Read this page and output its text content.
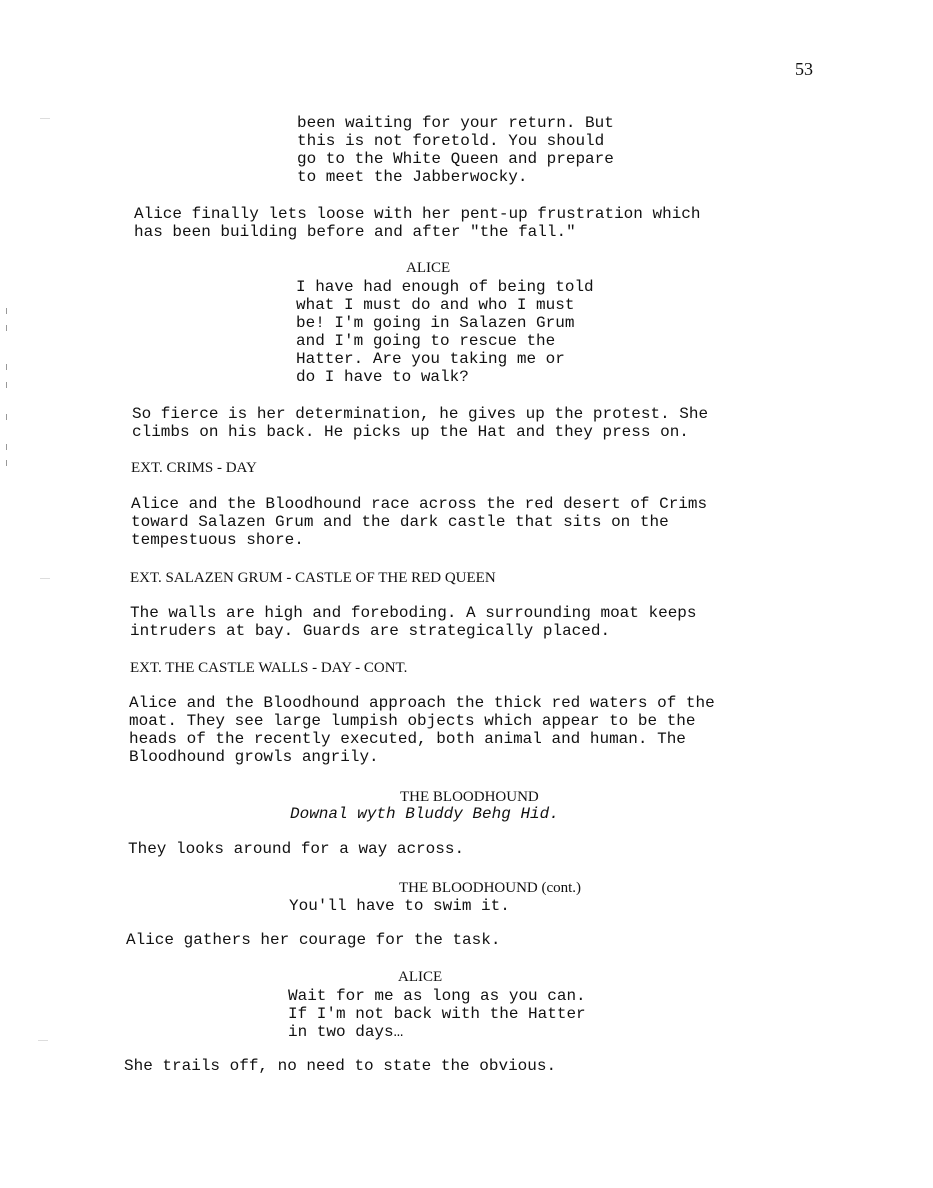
53
been waiting for your return. But
this is not foretold. You should
go to the White Queen and prepare
to meet the Jabberwocky.
Alice finally lets loose with her pent-up frustration which
has been building before and after "the fall."
ALICE
I have had enough of being told
what I must do and who I must
be! I'm going in Salazen Grum
and I'm going to rescue the
Hatter. Are you taking me or
do I have to walk?
So fierce is her determination, he gives up the protest. She
climbs on his back. He picks up the Hat and they press on.
EXT. CRIMS - DAY
Alice and the Bloodhound race across the red desert of Crims
toward Salazen Grum and the dark castle that sits on the
tempestuous shore.
EXT. SALAZEN GRUM - CASTLE OF THE RED QUEEN
The walls are high and foreboding. A surrounding moat keeps
intruders at bay. Guards are strategically placed.
EXT. THE CASTLE WALLS - DAY - CONT.
Alice and the Bloodhound approach the thick red waters of the
moat. They see large lumpish objects which appear to be the
heads of the recently executed, both animal and human. The
Bloodhound growls angrily.
THE BLOODHOUND
Downal wyth Bluddy Behg Hid.
They looks around for a way across.
THE BLOODHOUND (cont.)
You'll have to swim it.
Alice gathers her courage for the task.
ALICE
Wait for me as long as you can.
If I'm not back with the Hatter
in two days…
She trails off, no need to state the obvious.
